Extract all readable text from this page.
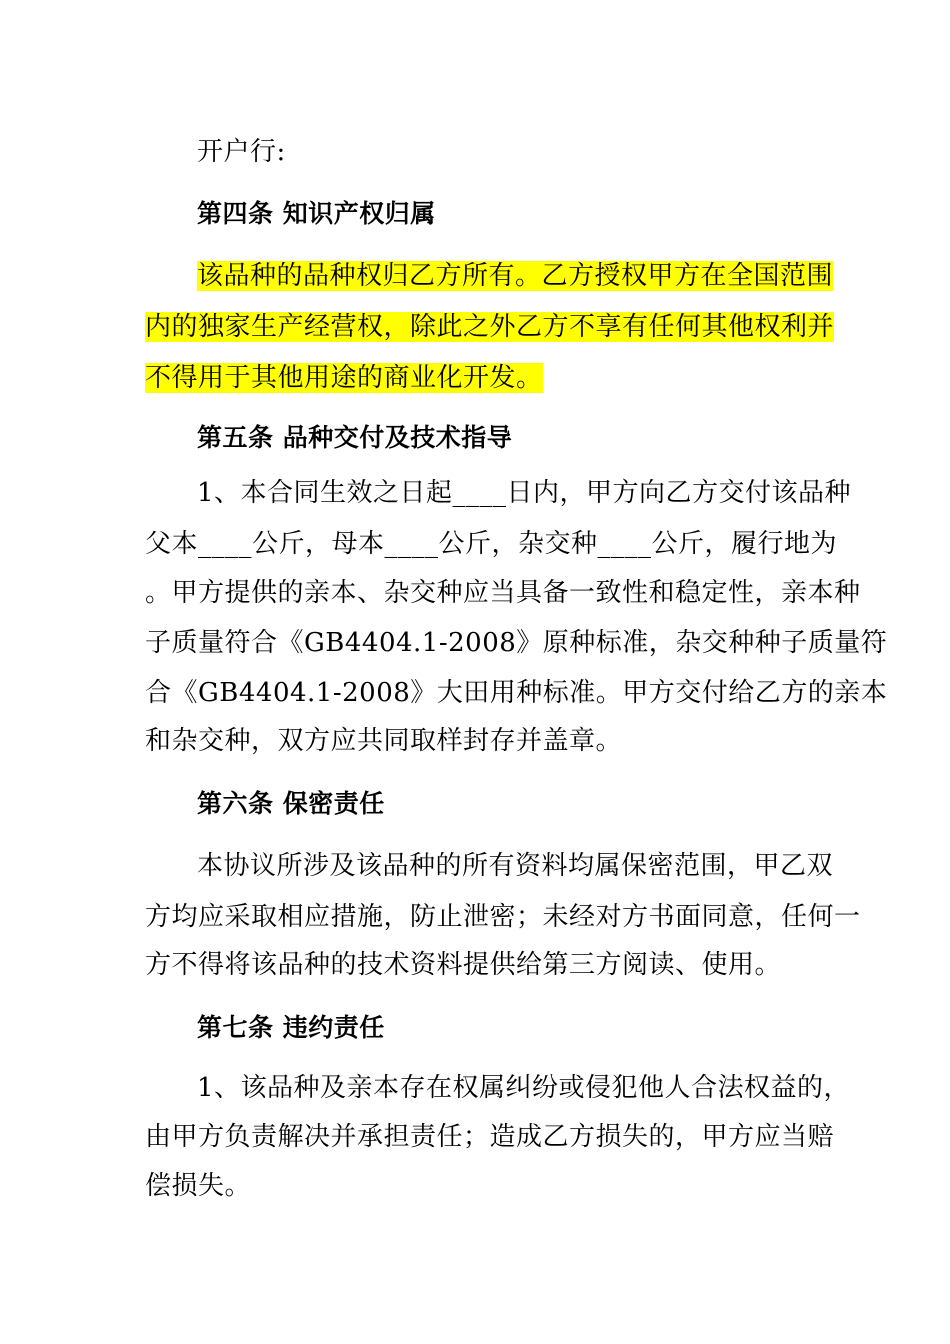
开户行:
第四条 知识产权归属
该品种的品种权归乙方所有。乙方授权甲方在全国范围
内的独家生产经营权，除此之外乙方不享有任何其他权利并
不得用于其他用途的商业化开发。
第五条 品种交付及技术指导
1、本合同生效之日起____日内，甲方向乙方交付该品种
父本____公斤，母本____公斤，杂交种____公斤，履行地为
。甲方提供的亲本、杂交种应当具备一致性和稳定性，亲本种
子质量符合《GB4404.1-2008》原种标准，杂交种种子质量符
合《GB4404.1-2008》大田用种标准。甲方交付给乙方的亲本
和杂交种，双方应共同取样封存并盖章。
第六条 保密责任
本协议所涉及该品种的所有资料均属保密范围，甲乙双
方均应采取相应措施，防止泄密；未经对方书面同意，任何一
方不得将该品种的技术资料提供给第三方阅读、使用。
第七条 违约责任
1、该品种及亲本存在权属纠纷或侵犯他人合法权益的，
由甲方负责解决并承担责任；造成乙方损失的，甲方应当赔
偿损失。
